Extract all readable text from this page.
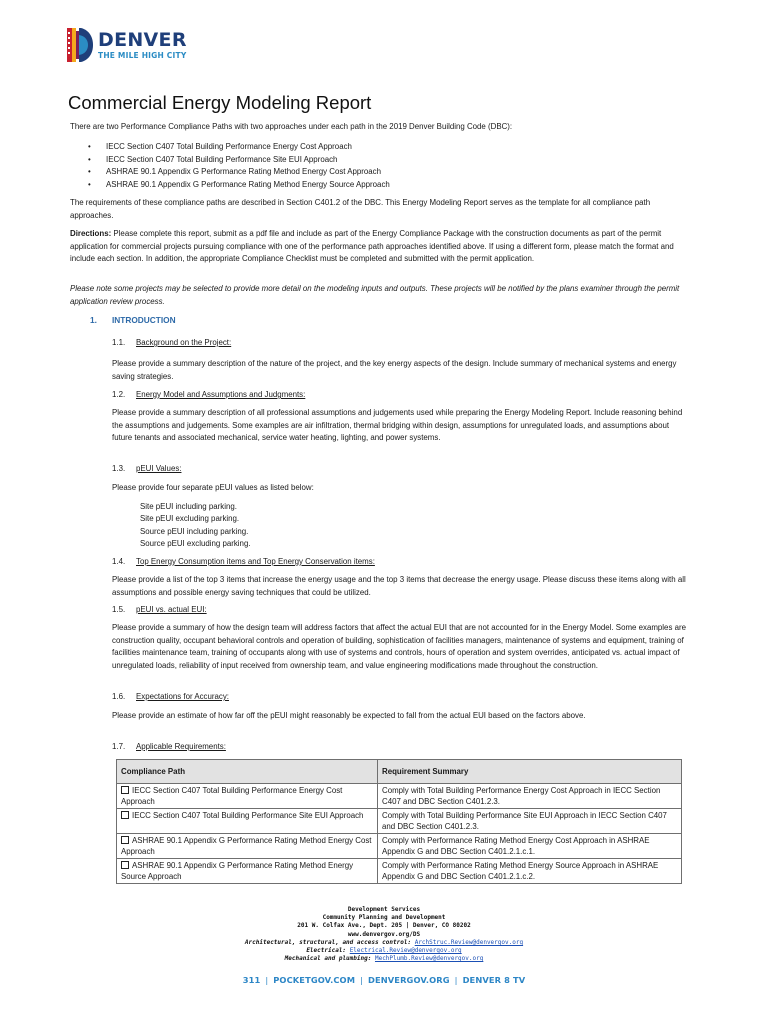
DENVER
THE MILE HIGH CITY
Commercial Energy Modeling Report

There are two Performance Compliance Paths with two approaches under each path in the 2019 Denver Building Code (DBC):

• IECC Section C407 Total Building Performance Energy Cost Approach
• IECC Section C407 Total Building Performance Site EUI Approach
• ASHRAE 90.1 Appendix G Performance Rating Method Energy Cost Approach
• ASHRAE 90.1 Appendix G Performance Rating Method Energy Source Approach

The requirements of these compliance paths are described in Section C401.2 of the DBC. This Energy Modeling Report serves as the template for all compliance path approaches.

Directions: Please complete this report, submit as a pdf file and include as part of the Energy Compliance Package with the construction documents as part of the permit application for commercial projects pursuing compliance with one of the performance path approaches identified above. If using a different form, please match the format and include each section. In addition, the appropriate Compliance Checklist must be completed and submitted with the permit application.

Please note some projects may be selected to provide more detail on the modeling inputs and outputs. These projects will be notified by the plans examiner through the permit application review process.

1. INTRODUCTION
1.1. Background on the Project:

Please provide a summary description of the nature of the project, and the key energy aspects of the design. Include summary of mechanical systems and energy saving strategies.

1.2. Energy Model and Assumptions and Judgments:

Please provide a summary description of all professional assumptions and judgements used while preparing the Energy Modeling Report. Include reasoning behind the assumptions and judgements. Some examples are air infiltration, thermal bridging within design, assumptions for unregulated loads, and assumptions about future tenants and associated mechanical, service water heating, lighting, and power systems.

1.3. pEUI Values:

Please provide four separate pEUI values as listed below:

Site pEUI including parking.
Site pEUI excluding parking.
Source pEUI including parking.
Source pEUI excluding parking.
1.4. Top Energy Consumption items and Top Energy Conservation items:

Please provide a list of the top 3 items that increase the energy usage and the top 3 items that decrease the energy usage. Please discuss these items along with all assumptions and possible energy saving techniques that could be utilized.

1.5. pEUI vs. actual EUI:

Please provide a summary of how the design team will address factors that affect the actual EUI that are not accounted for in the Energy Model. Some examples are construction quality, occupant behavioral controls and operation of building, sophistication of facilities managers, maintenance of systems and equipment, training of facilities maintenance team, training of occupants along with use of systems and controls, hours of operation and system overrides, anticipated vs. actual impact of unregulated loads, reliability of input received from ownership team, and value engineering modifications made throughout the construction.

1.6. Expectations for Accuracy:

Please provide an estimate of how far off the pEUI might reasonably be expected to fall from the actual EUI based on the factors above.

1.7. Applicable Requirements:
Compliance Path	Requirement Summary
IECC Section C407 Total Building Performance Energy Cost Approach	Comply with Total Building Performance Energy Cost Approach in IECC Section C407 and DBC Section C401.2.3.
IECC Section C407 Total Building Performance Site EUI Approach	Comply with Total Building Performance Site EUI Approach in IECC Section C407 and DBC Section C401.2.3.
ASHRAE 90.1 Appendix G Performance Rating Method Energy Cost Approach	Comply with Performance Rating Method Energy Cost Approach in ASHRAE Appendix G and DBC Section C401.2.1.c.1.
ASHRAE 90.1 Appendix G Performance Rating Method Energy Source Approach	Comply with Performance Rating Method Energy Source Approach in ASHRAE Appendix G and DBC Section C401.2.1.c.2.
Development Services
Community Planning and Development
201 W. Colfax Ave., Dept. 205 | Denver, CO 80202
www.denvergov.org/DS
Architectural, structural, and access control: ArchStruc.Review@denvergov.org
Electrical: Electrical.Review@denvergov.org
Mechanical and plumbing: MechPlumb.Review@denvergov.org
311 | POCKETGOV.COM | DENVERGOV.ORG | DENVER 8 TV
